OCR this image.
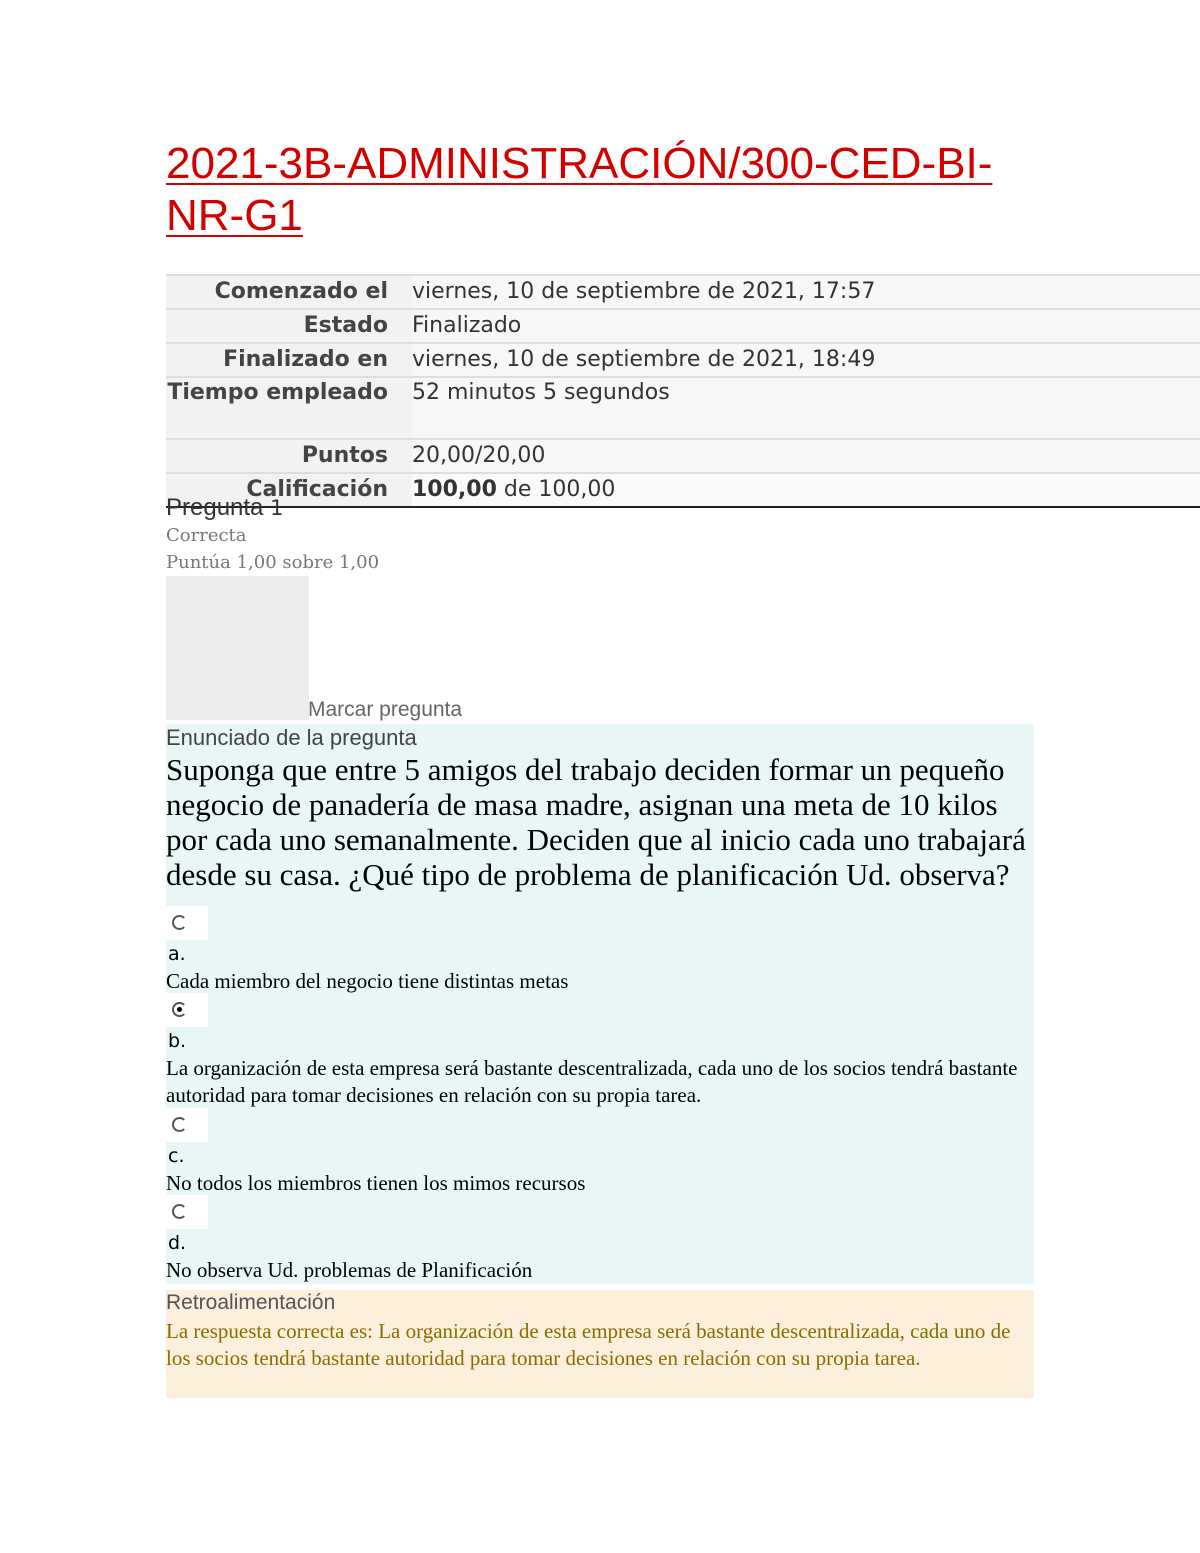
2021-3B-ADMINISTRACIÓN/300-CED-BI-NR-G1
Comenzado el	viernes, 10 de septiembre de 2021, 17:57
Estado	Finalizado
Finalizado en	viernes, 10 de septiembre de 2021, 18:49
Tiempo empleado	52 minutos 5 segundos
Puntos	20,00/20,00
Calificación	100,00 de 100,00
Pregunta 1
Correcta
Puntúa 1,00 sobre 1,00
Marcar pregunta
Enunciado de la pregunta
Suponga que entre 5 amigos del trabajo deciden formar un pequeño negocio de panadería de masa madre, asignan una meta de 10 kilos por cada uno semanalmente. Deciden que al inicio cada uno trabajará desde su casa. ¿Qué tipo de problema de planificación Ud. observa?
a.
Cada miembro del negocio tiene distintas metas
b.
La organización de esta empresa será bastante descentralizada, cada uno de los socios tendrá bastante autoridad para tomar decisiones en relación con su propia tarea.
c.
No todos los miembros tienen los mimos recursos
d.
No observa Ud. problemas de Planificación
Retroalimentación
La respuesta correcta es: La organización de esta empresa será bastante descentralizada, cada uno de los socios tendrá bastante autoridad para tomar decisiones en relación con su propia tarea.
